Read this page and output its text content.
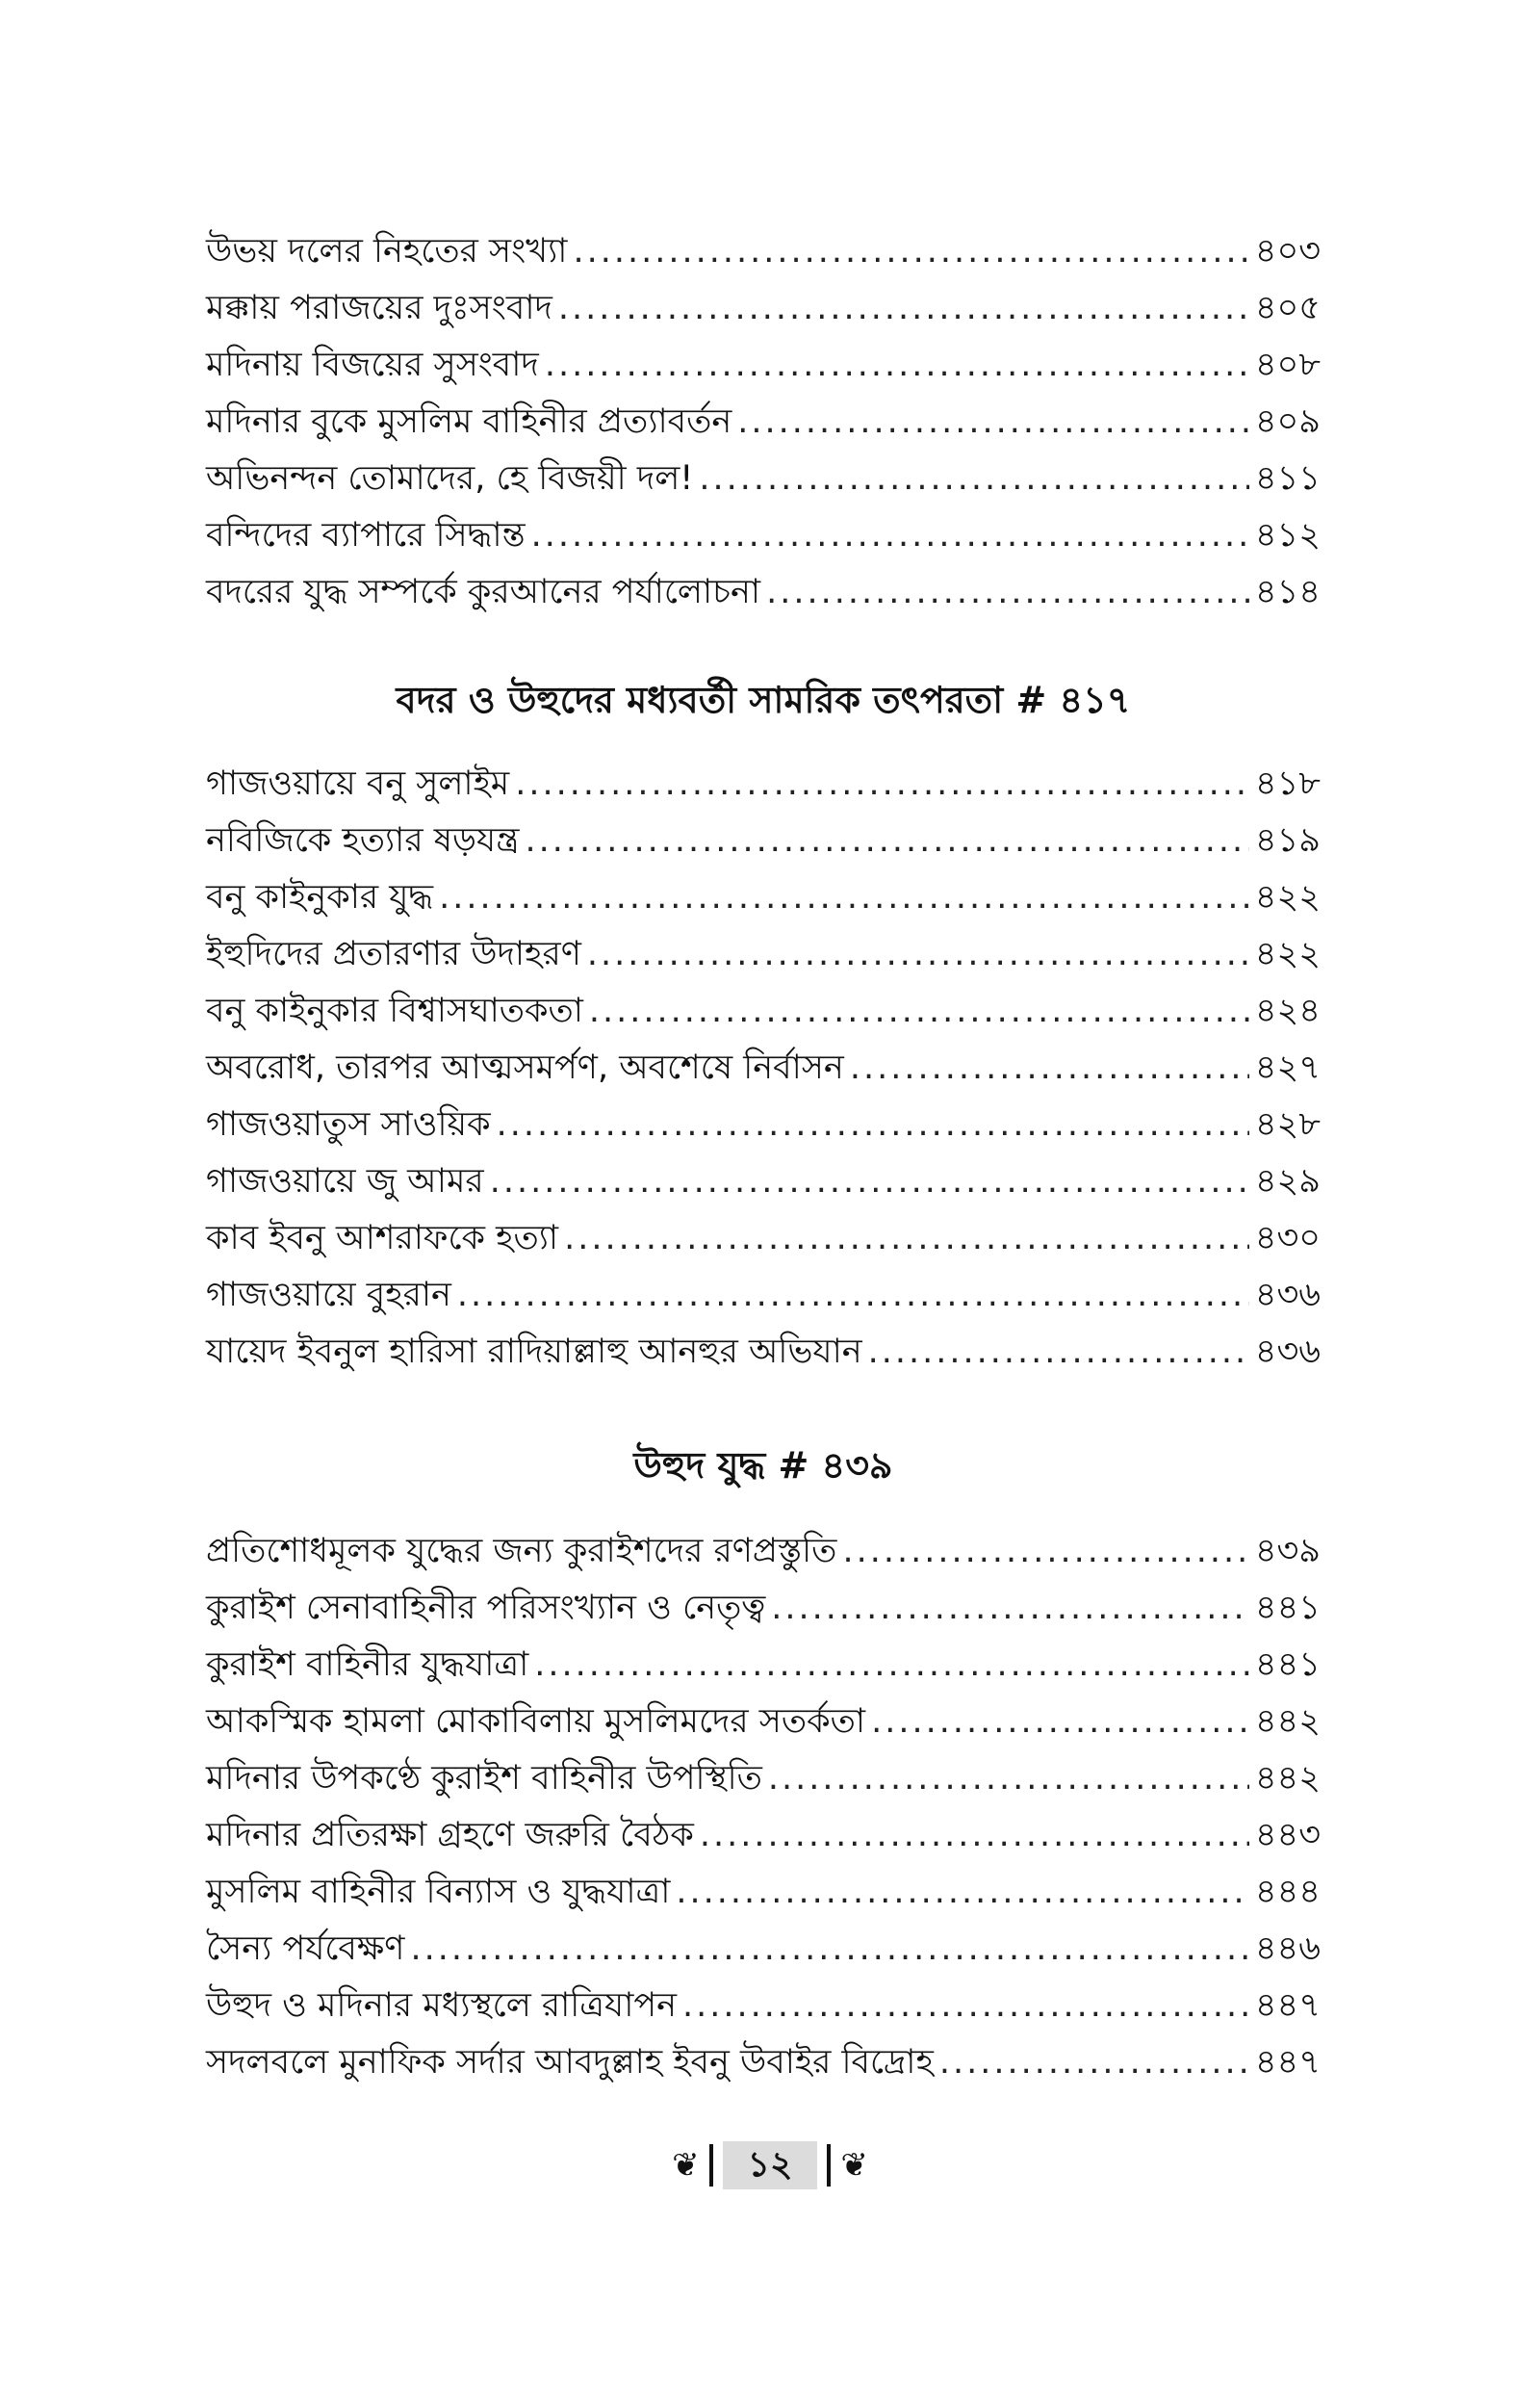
উভয় দলের নিহতের সংখ্যা .....	৪০৩
মক্কায় পরাজয়ের দুঃসংবাদ .....	৪০৫
মদিনায় বিজয়ের সুসংবাদ .....	৪০৮
মদিনার বুকে মুসলিম বাহিনীর প্রত্যাবর্তন .....	৪০৯
অভিনন্দন তোমাদের, হে বিজয়ী দল! .....	৪১১
বন্দিদের ব্যাপারে সিদ্ধান্ত .....	৪১২
বদরের যুদ্ধ সম্পর্কে কুরআনের পর্যালোচনা .....	৪১৪
বদর ও উহুদের মধ্যবর্তী সামরিক তৎপরতা # ৪১৭
গাজওয়ায়ে বনু সুলাইম .....	৪১৮
নবিজিকে হত্যার ষড়যন্ত্র .....	৪১৯
বনু কাইনুকার যুদ্ধ .....	৪২২
ইহুদিদের প্রতারণার উদাহরণ .....	৪২২
বনু কাইনুকার বিশ্বাসঘাতকতা .....	৪২৪
অবরোধ, তারপর আত্মসমর্পণ, অবশেষে নির্বাসন .....	৪২৭
গাজওয়াতুস সাওয়িক .....	৪২৮
গাজওয়ায়ে জু আমর .....	৪২৯
কাব ইবনু আশরাফকে হত্যা .....	৪৩০
গাজওয়ায়ে বুহরান .....	৪৩৬
যায়েদ ইবনুল হারিসা রাদিয়াল্লাহু আনহুর অভিযান .....	৪৩৬
উহুদ যুদ্ধ # ৪৩৯
প্রতিশোধমূলক যুদ্ধের জন্য কুরাইশদের রণপ্রস্তুতি .....	৪৩৯
কুরাইশ সেনাবাহিনীর পরিসংখ্যান ও নেতৃত্ব .....	৪৪১
কুরাইশ বাহিনীর যুদ্ধযাত্রা .....	৪৪১
আকস্মিক হামলা মোকাবিলায় মুসলিমদের সতর্কতা .....	৪৪২
মদিনার উপকণ্ঠে কুরাইশ বাহিনীর উপস্থিতি .....	৪৪২
মদিনার প্রতিরক্ষা গ্রহণে জরুরি বৈঠক .....	৪৪৩
মুসলিম বাহিনীর বিন্যাস ও যুদ্ধযাত্রা .....	৪৪৪
সৈন্য পর্যবেক্ষণ .....	৪৪৬
উহুদ ও মদিনার মধ্যস্থলে রাত্রিযাপন .....	৪৪৭
সদলবলে মুনাফিক সর্দার আবদুল্লাহ ইবনু উবাইর বিদ্রোহ .....	৪৪৭
❦	১২	❦
